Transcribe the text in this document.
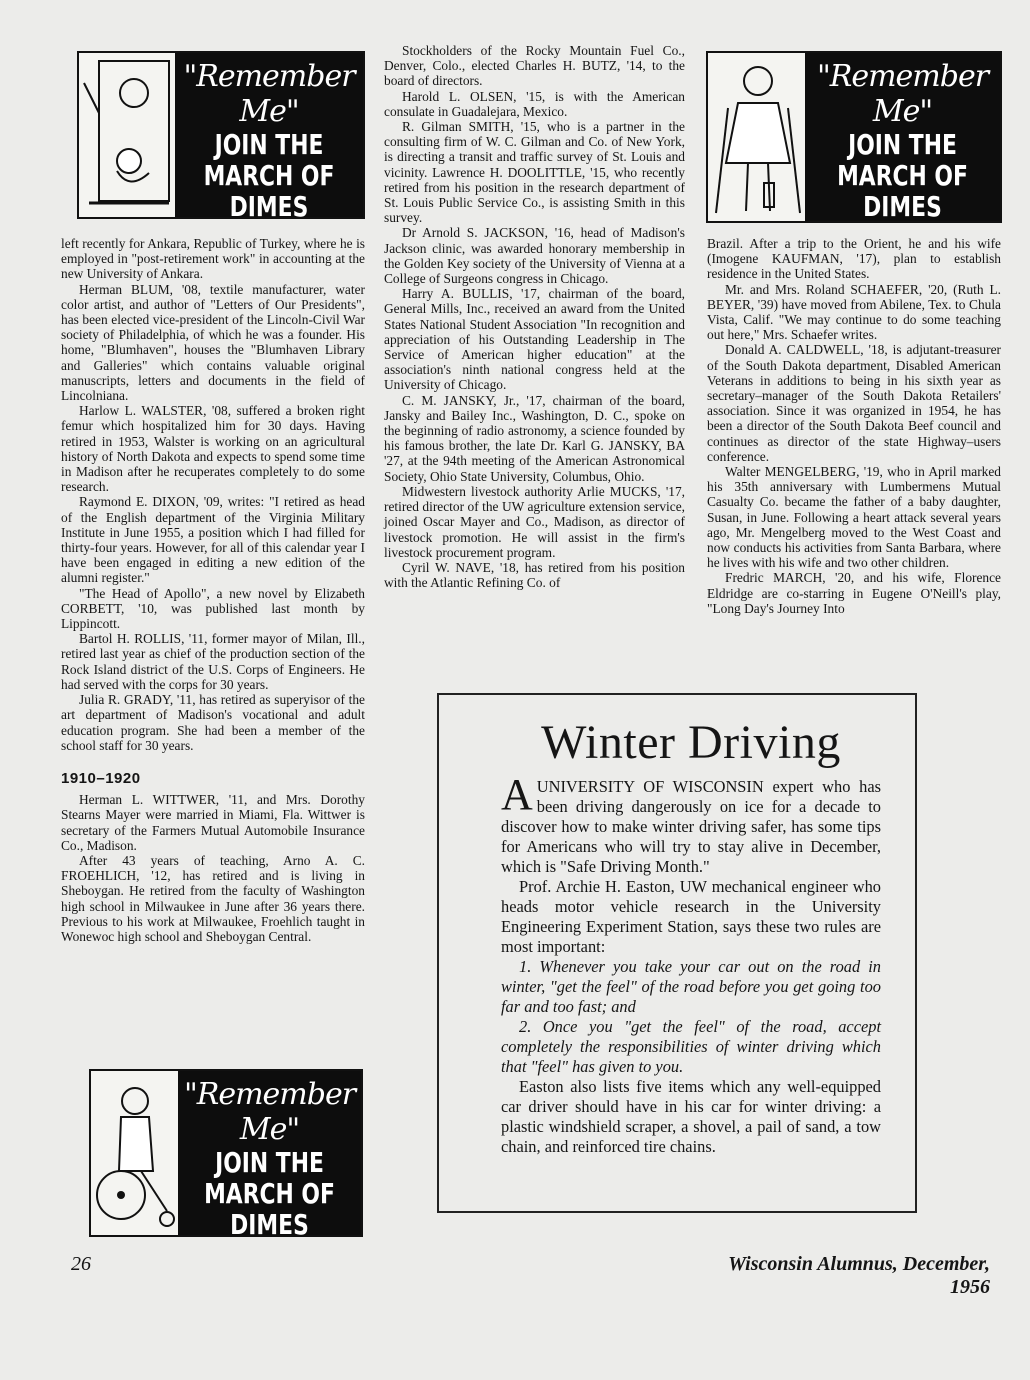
"Remember Me"
JOIN THE
MARCH OF DIMES
"Remember Me"
JOIN THE
MARCH OF DIMES

left recently for Ankara, Republic of Turkey, where he is employed in "post-retirement work" in accounting at the new University of Ankara.

Herman BLUM, '08, textile manufacturer, water color artist, and author of "Letters of Our Presidents", has been elected vice-president of the Lincoln-Civil War society of Philadelphia, of which he was a founder. His home, "Blumhaven", houses the "Blumhaven Library and Galleries" which contains valuable original manuscripts, letters and documents in the field of Lincolniana.

Harlow L. WALSTER, '08, suffered a broken right femur which hospitalized him for 30 days. Having retired in 1953, Walster is working on an agricultural history of North Dakota and expects to spend some time in Madison after he recuperates completely to do some research.

Raymond E. DIXON, '09, writes: "I retired as head of the English department of the Virginia Military Institute in June 1955, a position which I had filled for thirty-four years. However, for all of this calendar year I have been engaged in editing a new edition of the alumni register."

"The Head of Apollo", a new novel by Elizabeth CORBETT, '10, was published last month by Lippincott.

Bartol H. ROLLIS, '11, former mayor of Milan, Ill., retired last year as chief of the production section of the Rock Island district of the U.S. Corps of Engineers. He had served with the corps for 30 years.

Julia R. GRADY, '11, has retired as superyisor of the art department of Madison's vocational and adult education program. She had been a member of the school staff for 30 years.

1910–1920

Herman L. WITTWER, '11, and Mrs. Dorothy Stearns Mayer were married in Miami, Fla. Wittwer is secretary of the Farmers Mutual Automobile Insurance Co., Madison.

After 43 years of teaching, Arno A. C. FROEHLICH, '12, has retired and is living in Sheboygan. He retired from the faculty of Washington high school in Milwaukee in June after 36 years there. Previous to his work at Milwaukee, Froehlich taught in Wonewoc high school and Sheboygan Central.

Stockholders of the Rocky Mountain Fuel Co., Denver, Colo., elected Charles H. BUTZ, '14, to the board of directors.

Harold L. OLSEN, '15, is with the American consulate in Guadalejara, Mexico.

R. Gilman SMITH, '15, who is a partner in the consulting firm of W. C. Gilman and Co. of New York, is directing a transit and traffic survey of St. Louis and vicinity. Lawrence H. DOOLITTLE, '15, who recently retired from his position in the research department of St. Louis Public Service Co., is assisting Smith in this survey.

Dr Arnold S. JACKSON, '16, head of Madison's Jackson clinic, was awarded honorary membership in the Golden Key society of the University of Vienna at a College of Surgeons congress in Chicago.

Harry A. BULLIS, '17, chairman of the board, General Mills, Inc., received an award from the United States National Student Association "In recognition and appreciation of his Outstanding Leadership in The Service of American higher education" at the association's ninth national congress held at the University of Chicago.

C. M. JANSKY, Jr., '17, chairman of the board, Jansky and Bailey Inc., Washington, D. C., spoke on the beginning of radio astronomy, a science founded by his famous brother, the late Dr. Karl G. JANSKY, BA '27, at the 94th meeting of the American Astronomical Society, Ohio State University, Columbus, Ohio.

Midwestern livestock authority Arlie MUCKS, '17, retired director of the UW agriculture extension service, joined Oscar Mayer and Co., Madison, as director of livestock promotion. He will assist in the firm's livestock procurement program.

Cyril W. NAVE, '18, has retired from his position with the Atlantic Refining Co. of

Brazil. After a trip to the Orient, he and his wife (Imogene KAUFMAN, '17), plan to establish residence in the United States.

Mr. and Mrs. Roland SCHAEFER, '20, (Ruth L. BEYER, '39) have moved from Abilene, Tex. to Chula Vista, Calif. "We may continue to do some teaching out here," Mrs. Schaefer writes.

Donald A. CALDWELL, '18, is adjutant-treasurer of the South Dakota department, Disabled American Veterans in additions to being in his sixth year as secretary–manager of the South Dakota Retailers' association. Since it was organized in 1954, he has been a director of the South Dakota Beef council and continues as director of the state Highway–users conference.

Walter MENGELBERG, '19, who in April marked his 35th anniversary with Lumbermens Mutual Casualty Co. became the father of a baby daughter, Susan, in June. Following a heart attack several years ago, Mr. Mengelberg moved to the West Coast and now conducts his activities from Santa Barbara, where he lives with his wife and two other children.

Fredric MARCH, '20, and his wife, Florence Eldridge are co-starring in Eugene O'Neill's play, "Long Day's Journey Into

Winter Driving

AUNIVERSITY OF WISCONSIN expert who has been driving dangerously on ice for a decade to discover how to make winter driving safer, has some tips for Americans who will try to stay alive in December, which is "Safe Driving Month."

Prof. Archie H. Easton, UW mechanical engineer who heads motor vehicle research in the University Engineering Experiment Station, says these two rules are most important:

1. Whenever you take your car out on the road in winter, "get the feel" of the road before you get going too far and too fast; and

2. Once you "get the feel" of the road, accept completely the responsibilities of winter driving which that "feel" has given to you.

Easton also lists five items which any well-equipped car driver should have in his car for winter driving: a plastic windshield scraper, a shovel, a pail of sand, a tow chain, and reinforced tire chains.

"Remember Me"
JOIN THE
MARCH OF DIMES
26	Wisconsin Alumnus, December, 1956
